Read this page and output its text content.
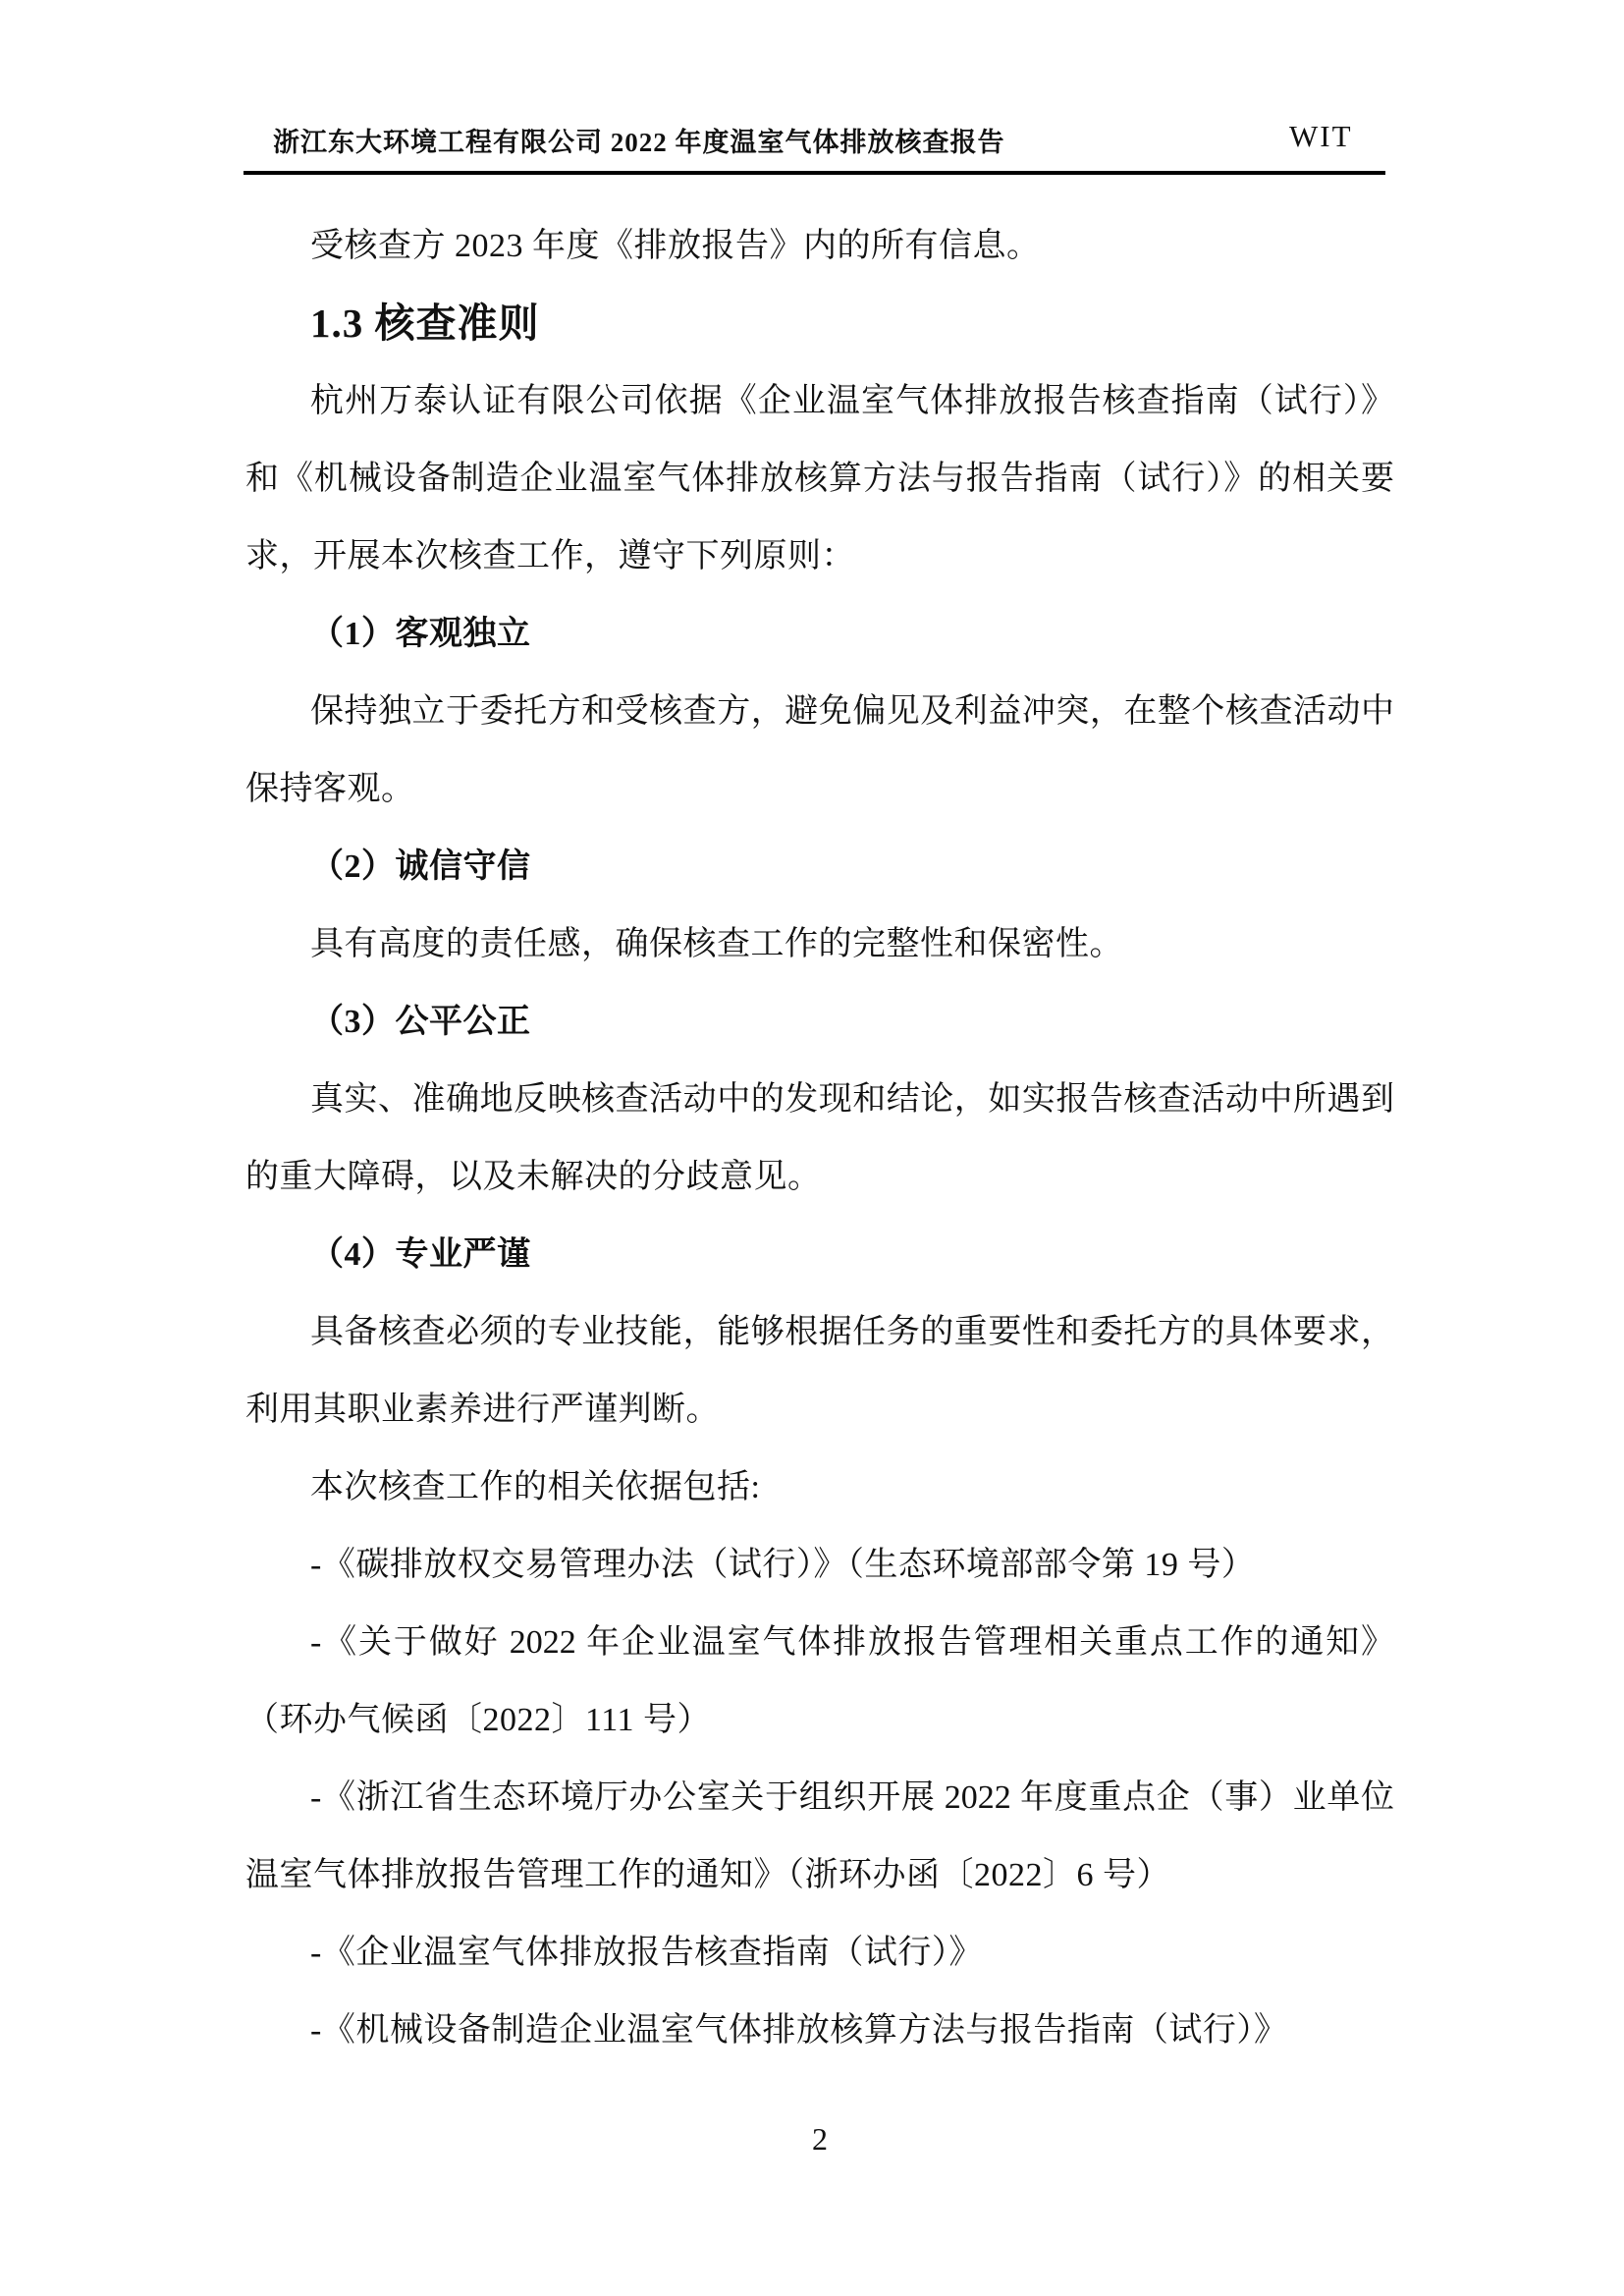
浙江东大环境工程有限公司 2022 年度温室气体排放核查报告	WIT
受核查方 2023 年度《排放报告》内的所有信息。
1.3 核查准则
杭州万泰认证有限公司依据《企业温室气体排放报告核查指南（试行）》
和《机械设备制造企业温室气体排放核算方法与报告指南（试行）》的相关要
求，开展本次核查工作，遵守下列原则：
（1）客观独立
保持独立于委托方和受核查方，避免偏见及利益冲突，在整个核查活动中
保持客观。
（2）诚信守信
具有高度的责任感，确保核查工作的完整性和保密性。
（3）公平公正
真实、准确地反映核查活动中的发现和结论，如实报告核查活动中所遇到
的重大障碍，以及未解决的分歧意见。
（4）专业严谨
具备核查必须的专业技能，能够根据任务的重要性和委托方的具体要求，
利用其职业素养进行严谨判断。
本次核查工作的相关依据包括:
-《碳排放权交易管理办法（试行）》（生态环境部部令第 19 号）
-《关于做好 2022 年企业温室气体排放报告管理相关重点工作的通知》
（环办气候函〔2022〕111 号）
-《浙江省生态环境厅办公室关于组织开展 2022 年度重点企（事）业单位
温室气体排放报告管理工作的通知》（浙环办函〔2022〕6 号）
-《企业温室气体排放报告核查指南（试行）》
-《机械设备制造企业温室气体排放核算方法与报告指南（试行）》
2
